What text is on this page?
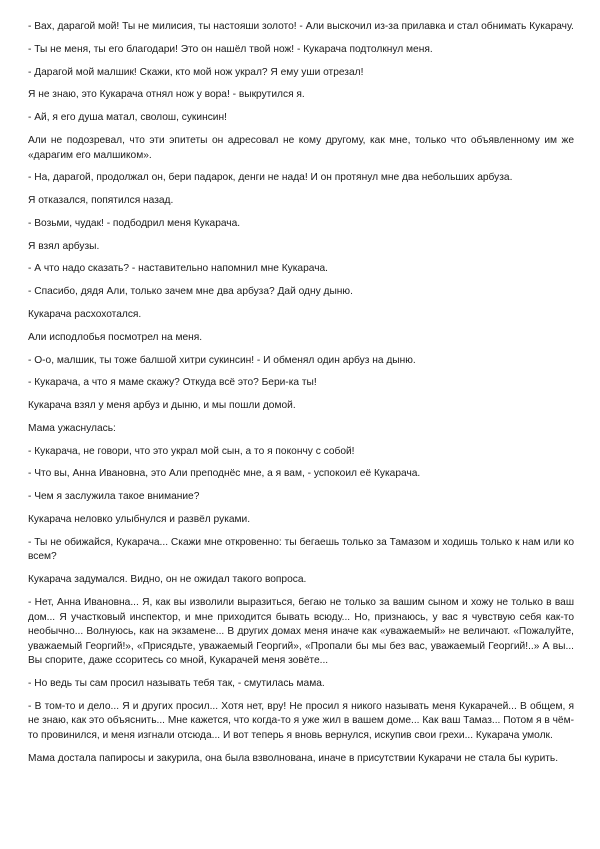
- Вах, дарагой мой! Ты не милисия, ты настояши золото! - Али выскочил из-за прилавка и стал обнимать Кукарачу.

- Ты не меня, ты его благодари! Это он нашёл твой нож! - Кукарача подтолкнул меня.

- Дарагой мой малшик! Скажи, кто мой нож украл? Я ему уши отрезал!

Я не знаю, это Кукарача отнял нож у вора! - выкрутился я.

- Ай, я его душа матал, сволош, сукинсин!

Али не подозревал, что эти эпитеты он адресовал не кому другому, как мне, только что объявленному им же «дарагим его малшиком».

- На, дарагой, продолжал он, бери падарок, денги не нада! И он протянул мне два небольших арбуза.

Я отказался, попятился назад.

- Возьми, чудак! - подбодрил меня Кукарача.

Я взял арбузы.

- А что надо сказать? - наставительно напомнил мне Кукарача.

- Спасибо, дядя Али, только зачем мне два арбуза? Дай одну дыню.

Кукарача расхохотался.

Али исподлобья посмотрел на меня.

- О-о, малшик, ты тоже балшой хитри сукинсин! - И обменял один арбуз на дыню.

- Кукарача, а что я маме скажу? Откуда всё это? Бери-ка ты!

Кукарача взял у меня арбуз и дыню, и мы пошли домой.

Мама ужаснулась:

- Кукарача, не говори, что это украл мой сын, а то я покончу с собой!

- Что вы, Анна Ивановна, это Али преподнёс мне, а я вам, - успокоил её Кукарача.

- Чем я заслужила такое внимание?

Кукарача неловко улыбнулся и развёл руками.

- Ты не обижайся, Кукарача... Скажи мне откровенно: ты бегаешь только за Тамазом и ходишь только к нам или ко всем?

Кукарача задумался. Видно, он не ожидал такого вопроса.

- Нет, Анна Ивановна... Я, как вы изволили выразиться, бегаю не только за вашим сыном и хожу не только в ваш дом... Я участковый инспектор, и мне приходится бывать всюду... Но, признаюсь, у вас я чувствую себя как-то необычно... Волнуюсь, как на экзамене... В других домах меня иначе как «уважаемый» не величают. «Пожалуйте, уважаемый Георгий!», «Присядьте, уважаемый Георгий», «Пропали бы мы без вас, уважаемый Георгий!..» А вы... Вы спорите, даже ссоритесь со мной, Кукарачей меня зовёте...

- Но ведь ты сам просил называть тебя так, - смутилась мама.

- В том-то и дело... Я и других просил... Хотя нет, вру! Не просил я никого называть меня Кукарачей... В общем, я не знаю, как это объяснить... Мне кажется, что когда-то я уже жил в вашем доме... Как ваш Тамаз... Потом я в чём-то провинился, и меня изгнали отсюда... И вот теперь я вновь вернулся, искупив свои грехи... Кукарача умолк.

Мама достала папиросы и закурила, она была взволнована, иначе в присутствии Кукарачи не стала бы курить.
